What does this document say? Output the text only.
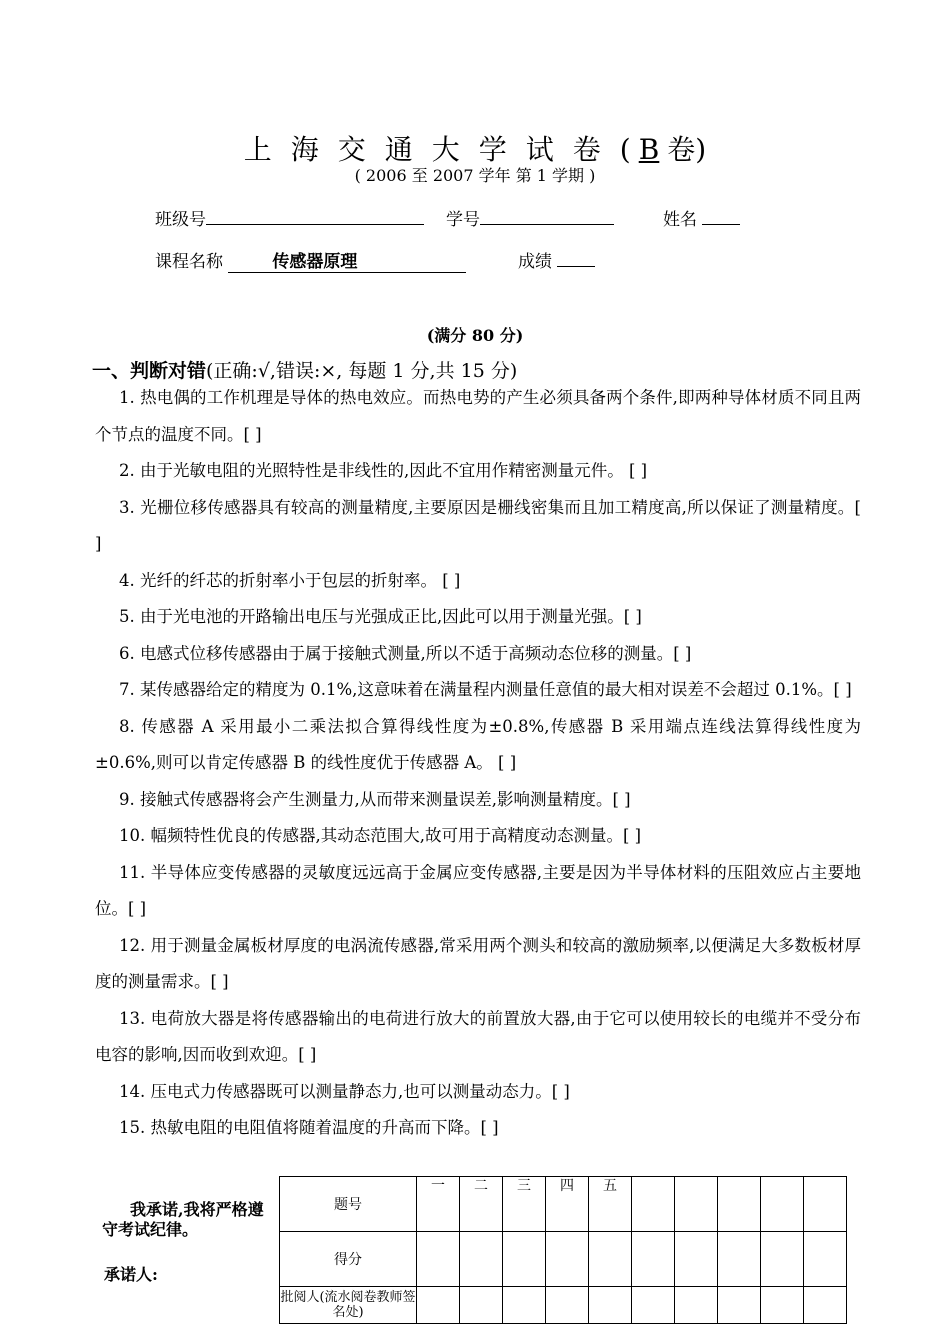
上海交通大学试卷( B 卷)
( 2006 至 2007 学年 第 1 学期 )
班级号	学号	姓名
课程名称	传感器原理	成绩
(满分 80 分)
一、判断对错(正确:√,错误:×, 每题 1 分,共 15 分)

1. 热电偶的工作机理是导体的热电效应。而热电势的产生必须具备两个条件,即两种导体材质不同且两个节点的温度不同。[ ]

2. 由于光敏电阻的光照特性是非线性的,因此不宜用作精密测量元件。 [ ]

3. 光栅位移传感器具有较高的测量精度,主要原因是栅线密集而且加工精度高,所以保证了测量精度。[ ]

4. 光纤的纤芯的折射率小于包层的折射率。 [ ]

5. 由于光电池的开路输出电压与光强成正比,因此可以用于测量光强。[ ]

6. 电感式位移传感器由于属于接触式测量,所以不适于高频动态位移的测量。[ ]

7. 某传感器给定的精度为 0.1%,这意味着在满量程内测量任意值的最大相对误差不会超过 0.1%。[ ]

8. 传感器 A 采用最小二乘法拟合算得线性度为±0.8%,传感器 B 采用端点连线法算得线性度为±0.6%,则可以肯定传感器 B 的线性度优于传感器 A。 [ ]

9. 接触式传感器将会产生测量力,从而带来测量误差,影响测量精度。[ ]

10. 幅频特性优良的传感器,其动态范围大,故可用于高精度动态测量。[ ]

11. 半导体应变传感器的灵敏度远远高于金属应变传感器,主要是因为半导体材料的压阻效应占主要地位。[ ]

12. 用于测量金属板材厚度的电涡流传感器,常采用两个测头和较高的激励频率,以便满足大多数板材厚度的测量需求。[ ]

13. 电荷放大器是将传感器输出的电荷进行放大的前置放大器,由于它可以使用较长的电缆并不受分布电容的影响,因而收到欢迎。[ ]

14. 压电式力传感器既可以测量静态力,也可以测量动态力。[ ]

15. 热敏电阻的电阻值将随着温度的升高而下降。[ ]

我承诺,我将严格遵守考试纪律。
承诺人:
题号	一	二	三	四	五					
得分										
批阅人(流水阅卷教师签名处)										
